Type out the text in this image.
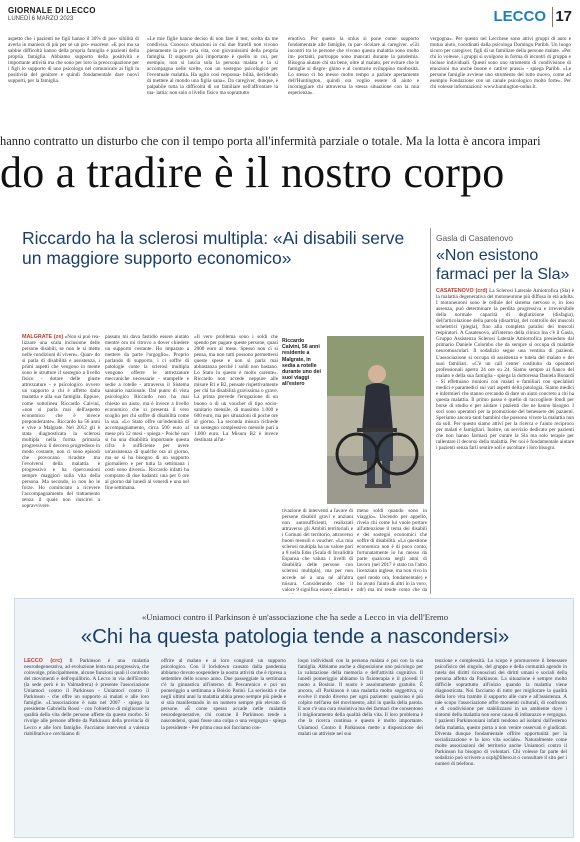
GIORNALE DI LECCO
LUNEDÌ 6 MARZO 2023	LECCO 17
aspetto che i pazienti ne figli hanno il 30% di pos- sibilità di averla in maniera di più per sé un pro- essorese. «E poi ma sa sabbie difficoltà hanno della propria famiglia e pazienti della propria famiglia. Abbiamo supporto della positività e importante attività ma che sono per loro la preoccupazione per i figli lo supporto di uno psicologo nel comunicare ai figli la positività del genitore e quindi fondamentale dare nuovi supporti, per la famiglia.
«Le mie figlie hanno deciso di non fare il test, scelta da me condivisa. Conosco situazioni in cui due fratelli non vivono pienamente la pro- pria vita, con giovanissimi della propria famiglia. Il supporto più importante è quello in cui, per esempio, non si lascia sola la persona malata e la si accompagna nelle scelte, con un sostegno psicologico per l'eventuale malattia. Ha agito così responsa- bilità, decidendo di mettere al mondo una figlia sana». Da caregiver, dunque, è palpabile tutta la difficoltà di un familiare nell'affrontare la ma- lattia: non solo a livello fisico ma soprattutto
emotivo. Per questo la onlus si pone come supporto fondamentale alle famiglie, in par- ticolare ai caregiver. «Gli incontri tra le persone che vivono questa malattia sono molto im- portanti, purtroppo sono mancati durante la pandemia. Bisogna aiutare chi sta bene, oltre al malato, per evitare che le famiglie si disgre- ghino e al contrario sviluppino morbosità. Lo stesso ci ho messo molto tempo a parlare apertamente dell'Huntington, quindi ora voglio essere di aiuto e incoraggiare chi attraversa la stessa situazione con la mia esperienza».
vergogna». Per questo nel Lecchese sono attivi gruppi di auto e mutuo aiuto, coordinati dalla psicologa Domingo Paribh. Un luogo sicuro per caregiver, figli di un familiare della persone malate. «Per chi lo volesse, i gruppi si svolgono in forma di incontri di gruppo e incluse individuali. Questi sono uno strumento di condivisione di emozioni ma anche buone e cattive prassi» - spiega Paribh. «Le persone famiglie avviene uno strumento del tutto nuovo, come ad esempio Fondazione con un canale psicologico molto forte». Per chi volesse informazioni: www.huntington-onlus.it.
hanno contratto un disturbo che con il tempo porta all'infermità parziale o totale. Ma la lotta è ancora impari
do a tradire è il nostro corpo
Riccardo ha la sclerosi multipla: «Ai disabili serve un maggiore supporto economico»
MALGRATE (ze) «Non si può rea- lizzare una scala inclusione delle persone disabili, se non le si mette nelle condizioni di vivere». Quan- do si parla di disabilità e assistenza, i primi aspetti che vengono in mente sono le strutture il sostegno a livello fisico - dotare delle giuste attrezzature - e psicologico ovvero un supporto a chi è affetto dalla malattia e alla sua famiglia. Eppure, come sottolinea Riccardo Calvini, «non si parla mai dell'aspetto economico che è invece preponderante». Riccardo ha 56 anni e vive a Malgrate. Nel 2012 gli è stata diagnosticata la sclerosi multipla nella forma primaria progressiva: il decorso progredisce in modo costante, non ci sono episodi che provocano ricadute ma l'evolversi della malattia è progressivo e ha ripercussioni sempre maggiori sulla vita della persona. Ma secondo, io non ho le forze. Ho cominciato a ricevere l'accompagnamento del trattamento senza il quale non riuscirei a sopravvivere.
passato mi dava fastidio essere aiutato mentre ora mi ritrovo a dover chiedere un supporto costante. Ho imparato a mettere da parte l'orgoglio». Proprio parlando di supporto, i ci soffre di patologie come la sclerosi multipla vengono offerte le attrezzature meccaniche necessarie - stampelle e sedie a rotelle - attraverso il Sistema sanitario nazionale. Dal punto di vista psicologico Riccardo non ha mai chiesto un aiuto, ma è invece a livello economico che si presenta il vero scoglio per chi soffre di disabilità come la sua. «Lo Stato offre un'indennità di accompagnamento, circa 500 euro al mese più 12 mesi - spiega - Poiché non si ha una disabilità importante questa cifra è sufficiente per avere un'assistenza di qualche ora al giorno, ma se si ha bisogno di un supporto giornaliero e per tutta la settimana i costi sono diversi». Riccardo infatti ha comprato di due badanti: una per 6 ore al giorno dal lunedì al venerdì e una nel fine settimana.
«Il vero problema sono i soldi che spendo per pagare queste persone, quasi 2000 euro al mese. Spesso non ci si pensa, ma non tutti possono permettersi queste spese e non si parla mai abbastanza perché i soldi non bastano. Lo Stato in questo è molto carente». Riccardo non accede neppure alle misure B1 e B2, pensate rispettivamente per chi ha disabilità gravissima o grave. La prima prevede l'erogazione di un buono o di un voucher di tipo socio-sanitario mensile, di massimo 1.000 e 600 euro, ma per situazioni di poche ore al giorno. La seconda misura richiede un sostegno complessivo mensile pari a 1.000 euro. La Misura B2 è invece destinata all'at-
tivazione di interventi a favore di persone disabili gravi e anziani non autosufficienti, realizzati attraverso gli Ambiti territoriali e i Comuni del territorio, attraverso buoni mensili e voucher. «La mia sclerosi multipla ha un valore pari a 8 nella Edss (Scala di Invalidità Espansa che valuta i livelli di disabilità delle persone con sclerosi multipla), ma per non accede né a una né all'altra misura. Considerando che il valore 9 significa essere allettati e
meno soldi quando sono in viaggio». Uscendo per appello, rivela chi come lui vuole portare all'attenzione il tema dei disabili e dei sostegni economici che soffre di disabilità. «La questione economica non è di poco conto, fortunatamente io ho messo da parte qualcosa negli anni di lavoro (nel 2017 è stato tra l'altro licenziato inglese, ma non vivo in quel modo ora, fondamentale) e ho avuto l'aiuto di altri in la voro, ndr) ma mi rende conto che da
Riccardo Calvini, 56 anni residente a Malgrate, in sedia a rotelle durante uno dei suoi viaggi all'estero
Gasla di Casatenovo
«Non esistono farmaci per la Sla»
CASATENOVO (crd) La Sclerosi Laterale Amiotrofica (Sla) è la malattia degenerativa del motoneurone più diffusa in età adulta. I motoneuroni sono le cellule del sistema nervoso e, in loro assenza, può determinare la perdita progressiva e irreversibile della normale capacità di deglutizione (disfagia), dell'articolazione della parola (disartria), del controllo dei muscoli scheletrici (plegia), fino alla completa paralisi dei muscoli respiratori. A Casatenovo, all'interno della clinica Ina c'è il Gasla, Gruppo Assistenza Sclerosi Laterale Amiotrofica presieduto dal primario Daniele Colombo che da sempre si occupa di malattie neuromuscolari. Il sodalizio segue una ventina di pazienti. L'associazione si occupa di assistenza e tutela del malato e dei suoi familiari. «C'è un call center costituito da operatori professionali aperto 24 ore su 24. Siamo sempre al fianco del malato e della sua famiglia - spiega la dottoressa Daniela Bonardi - Si effettuano riunioni con malati e familiari con specialisti medici e paramedici sui vari aspetti della patologia. Siamo medici e infermieri che stanno cercando di dare un aiuto concreto a chi ha questa malattia. Il primo passo è quello di raccogliere fondi per borse di studio e per aiutare i pazienti che ne hanno bisogno. I soci sono operatori per la promozione del benessere dei pazienti. Speriamo ancora tanti bambini che possono vivere la malattia non da soli. Per questo siamo attivi per la ricerca e l'aiuto reciproco per malati e famigliari. Inoltre, un servizio dedicato per pazienti che non hanno farmaci per curare la Sla ma solo terapie per rallentare il decorso della malattia. Per noi è fondamentale aiutare i pazienti senza farli sentire soli e ascoltare i loro bisogni.
«Uniamoci contro il Parkinson è un'associazione che ha sede a Lecco in via dell'Eremo
«Chi ha questa patologia tende a nascondersi»
LECCO (crc) Il Parkinson è una malattia neurodegenerativa, ad evoluzione lenta ma progressiva, che coinvolge, principalmente, alcune funzioni quali il controllo dei movimenti e dell'equilibrio. A Lecco in via dell'Eremo (la sede però è in Valmadrera) è presente l'associazione Uniamoci contro il Parkinson - Uniamoci contro il Parkinson - che offre un supporto ai malati e alle loro famiglie. «L'associazione è nata nel 2007 - spiega la presidente Gabriella Rossi - con l'obiettivo di migliorare la qualità della vita delle persone affette da questo morbo. Si rivolge alle persone affette da Parkinson della provincia di Lecco e alle loro famiglie. Facciamo interventi a valenza riabilitativa e cerchiamo di
offrire al malato e ai loro congiunti un supporto psicologico. Con il lockdown causato dalla pandemia abbiamo dovuto sospendere la nostra attività che è ripresa a settembre dello scorso anno. Due passeggiate la settimana c'è la ginnastica all'interno di Pescarenico e poi un pomeriggio a settimana a Boisio Parini. La seriosità e che negli ultimi anni la malattia abbia preso sempre più piede e si stia manifestando in un numero sempre più elevato di persone. «È come spesso accade nelle malattie neurodegenerative, chi contrae il Parkinson tende a nascondersi, quasi fosse una colpa o una vergogna - spiega la presidente - Per prima cosa noi facciamo con-
loqui individuali con la persona malata e poi con la sua famiglia. Abbiamo anche a disposizione uno psicologo per la valutazione della memoria e dell'attività cognitiva. Il lunedì pomeriggio abbiamo la fisioterapia e il giovedì il nuoto a Bosisio. Il nuoto è assolutamente gratuito. È ancora, «Il Parkinson è una malattia molto soggettiva, si evolve il modo diverso per ogni paziente: qualcuno è più colpito nell'area del movimento, altri in quella della parola. E non c'è una cura risolutiva ma dei farmaci che consentono il miglioramento della qualità della vita. Il loro problema è che la ricerca continua e questo è molto importante. Uniamoci Contro il Parkinson mette a disposizione dei malati un attiviste nel suo
tenzione e complessità. Lo scopo è promuovere il benessere psicofisico del singolo, del gruppo e della comunità agendo in tutela dei diritti riconosciuti dei diritti umani e sociali della persona affetta da Parkinson. La situazione è sempre molto difficile soprattutto all'inizio quando la malattia viene diagnosticata. Noi facciamo di tutto per migliorare la qualità della loro vita tramite il supporto alle cure e all'assistenza. A tale scopo l'associazione offre momenti culturali, di confronto e di condivisione per stabilizzarsi in un ambiente dove i sintomi della malattia non sono causa di imbarazzo e vergogna. I pazienti Parkinsoniani infatti tendono ad isolarsi dall'esterno della malattia, questo porta a non venire osservati e giudicati. Diventa dunque fondamentale offrire opportunità per la socializzazione e la loro vita sociale». Naturalmente come molte associazioni del territorio anche Uniamoci contro il Parkinson ha bisogno di volontari. Chi volesse far parte del sodalizio può scrivere a ucpl@libero.it o consultare il sito per i numeri di telefono.
